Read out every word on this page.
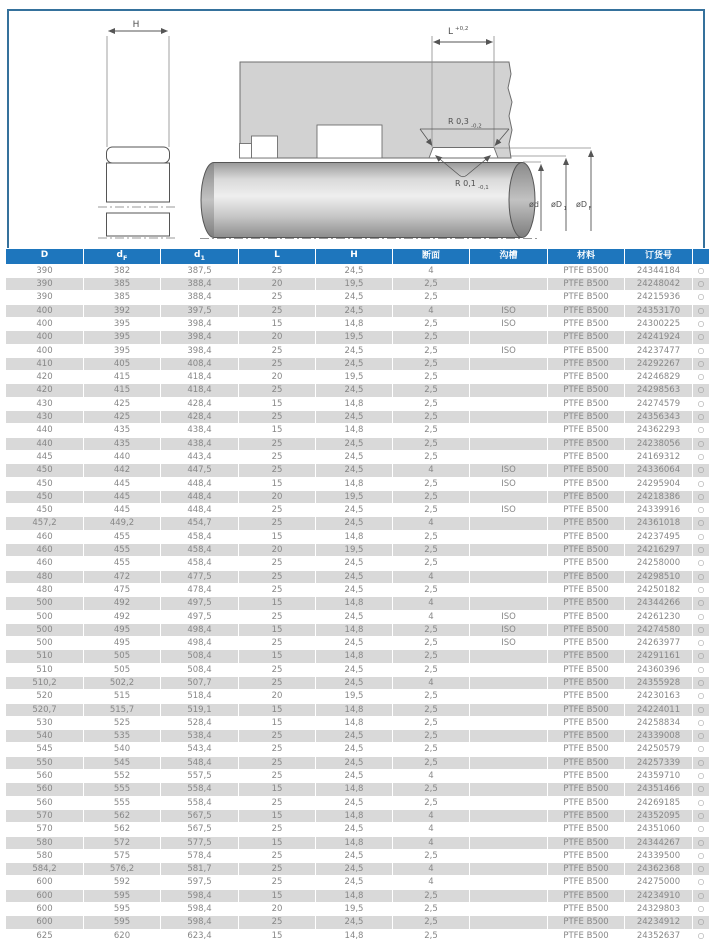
H
L +0,2
R 0,3
-0,2
R 0,1 -0,1
ød øD 1 øD F
D	$d_F$	$d_1$	L	H	断面	沟槽	材料	订货号	
390	382	387,5	25	24,5	4		PTFE B500	24344184	○
390	385	388,4	20	19,5	2,5		PTFE B500	24248042	○
390	385	388,4	25	24,5	2,5		PTFE B500	24215936	○
400	392	397,5	25	24,5	4	ISO	PTFE B500	24353170	○
400	395	398,4	15	14,8	2,5	ISO	PTFE B500	24300225	○
400	395	398,4	20	19,5	2,5		PTFE B500	24241924	○
400	395	398,4	25	24,5	2,5	ISO	PTFE B500	24237477	○
410	405	408,4	25	24,5	2,5		PTFE B500	24292267	○
420	415	418,4	20	19,5	2,5		PTFE B500	24246829	○
420	415	418,4	25	24,5	2,5		PTFE B500	24298563	○
430	425	428,4	15	14,8	2,5		PTFE B500	24274579	○
430	425	428,4	25	24,5	2,5		PTFE B500	24356343	○
440	435	438,4	15	14,8	2,5		PTFE B500	24362293	○
440	435	438,4	25	24,5	2,5		PTFE B500	24238056	○
445	440	443,4	25	24,5	2,5		PTFE B500	24169312	○
450	442	447,5	25	24,5	4	ISO	PTFE B500	24336064	○
450	445	448,4	15	14,8	2,5	ISO	PTFE B500	24295904	○
450	445	448,4	20	19,5	2,5		PTFE B500	24218386	○
450	445	448,4	25	24,5	2,5	ISO	PTFE B500	24339916	○
457,2	449,2	454,7	25	24,5	4		PTFE B500	24361018	○
460	455	458,4	15	14,8	2,5		PTFE B500	24237495	○
460	455	458,4	20	19,5	2,5		PTFE B500	24216297	○
460	455	458,4	25	24,5	2,5		PTFE B500	24258000	○
480	472	477,5	25	24,5	4		PTFE B500	24298510	○
480	475	478,4	25	24,5	2,5		PTFE B500	24250182	○
500	492	497,5	15	14,8	4		PTFE B500	24344266	○
500	492	497,5	25	24,5	4	ISO	PTFE B500	24261230	○
500	495	498,4	15	14,8	2,5	ISO	PTFE B500	24274580	○
500	495	498,4	25	24,5	2,5	ISO	PTFE B500	24263977	○
510	505	508,4	15	14,8	2,5		PTFE B500	24291161	○
510	505	508,4	25	24,5	2,5		PTFE B500	24360396	○
510,2	502,2	507,7	25	24,5	4		PTFE B500	24355928	○
520	515	518,4	20	19,5	2,5		PTFE B500	24230163	○
520,7	515,7	519,1	15	14,8	2,5		PTFE B500	24224011	○
530	525	528,4	15	14,8	2,5		PTFE B500	24258834	○
540	535	538,4	25	24,5	2,5		PTFE B500	24339008	○
545	540	543,4	25	24,5	2,5		PTFE B500	24250579	○
550	545	548,4	25	24,5	2,5		PTFE B500	24257339	○
560	552	557,5	25	24,5	4		PTFE B500	24359710	○
560	555	558,4	15	14,8	2,5		PTFE B500	24351466	○
560	555	558,4	25	24,5	2,5		PTFE B500	24269185	○
570	562	567,5	15	14,8	4		PTFE B500	24352095	○
570	562	567,5	25	24,5	4		PTFE B500	24351060	○
580	572	577,5	15	14,8	4		PTFE B500	24344267	○
580	575	578,4	25	24,5	2,5		PTFE B500	24339500	○
584,2	576,2	581,7	25	24,5	4		PTFE B500	24362368	○
600	592	597,5	25	24,5	4		PTFE B500	24275000	○
600	595	598,4	15	14,8	2,5		PTFE B500	24234910	○
600	595	598,4	20	19,5	2,5		PTFE B500	24329803	○
600	595	598,4	25	24,5	2,5		PTFE B500	24234912	○
625	620	623,4	15	14,8	2,5		PTFE B500	24352637	○
